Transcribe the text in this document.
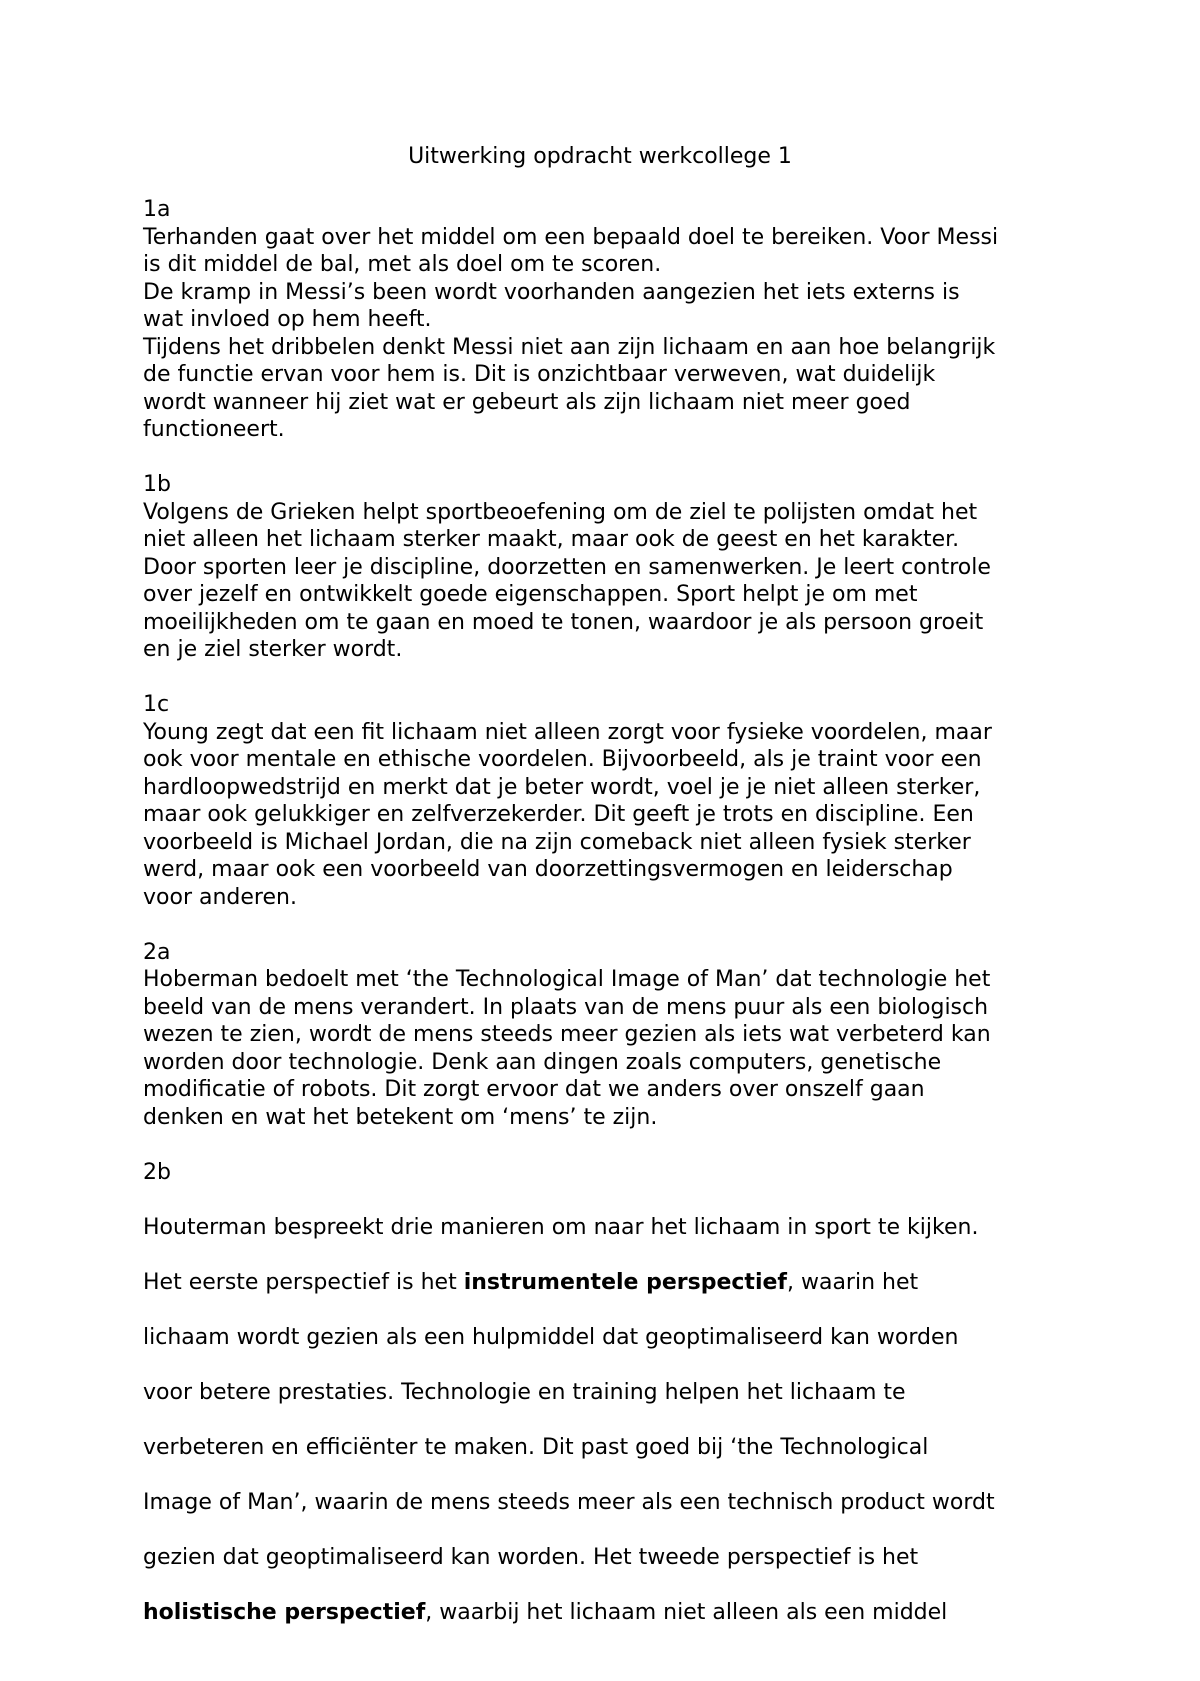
Uitwerking opdracht werkcollege 1

1a

Terhanden gaat over het middel om een bepaald doel te bereiken. Voor Messi
is dit middel de bal, met als doel om te scoren.
De kramp in Messi’s been wordt voorhanden aangezien het iets externs is
wat invloed op hem heeft.
Tijdens het dribbelen denkt Messi niet aan zijn lichaam en aan hoe belangrijk
de functie ervan voor hem is. Dit is onzichtbaar verweven, wat duidelijk
wordt wanneer hij ziet wat er gebeurt als zijn lichaam niet meer goed
functioneert.

1b

Volgens de Grieken helpt sportbeoefening om de ziel te polijsten omdat het
niet alleen het lichaam sterker maakt, maar ook de geest en het karakter.
Door sporten leer je discipline, doorzetten en samenwerken. Je leert controle
over jezelf en ontwikkelt goede eigenschappen. Sport helpt je om met
moeilijkheden om te gaan en moed te tonen, waardoor je als persoon groeit
en je ziel sterker wordt.

1c

Young zegt dat een fit lichaam niet alleen zorgt voor fysieke voordelen, maar
ook voor mentale en ethische voordelen. Bijvoorbeeld, als je traint voor een
hardloopwedstrijd en merkt dat je beter wordt, voel je je niet alleen sterker,
maar ook gelukkiger en zelfverzekerder. Dit geeft je trots en discipline. Een
voorbeeld is Michael Jordan, die na zijn comeback niet alleen fysiek sterker
werd, maar ook een voorbeeld van doorzettingsvermogen en leiderschap
voor anderen.

2a

Hoberman bedoelt met ‘the Technological Image of Man’ dat technologie het
beeld van de mens verandert. In plaats van de mens puur als een biologisch
wezen te zien, wordt de mens steeds meer gezien als iets wat verbeterd kan
worden door technologie. Denk aan dingen zoals computers, genetische
modificatie of robots. Dit zorgt ervoor dat we anders over onszelf gaan
denken en wat het betekent om ‘mens’ te zijn.

2b

Houterman bespreekt drie manieren om naar het lichaam in sport te kijken.

Het eerste perspectief is het instrumentele perspectief, waarin het

lichaam wordt gezien als een hulpmiddel dat geoptimaliseerd kan worden

voor betere prestaties. Technologie en training helpen het lichaam te

verbeteren en efficiënter te maken. Dit past goed bij ‘the Technological

Image of Man’, waarin de mens steeds meer als een technisch product wordt

gezien dat geoptimaliseerd kan worden. Het tweede perspectief is het

holistische perspectief, waarbij het lichaam niet alleen als een middel
